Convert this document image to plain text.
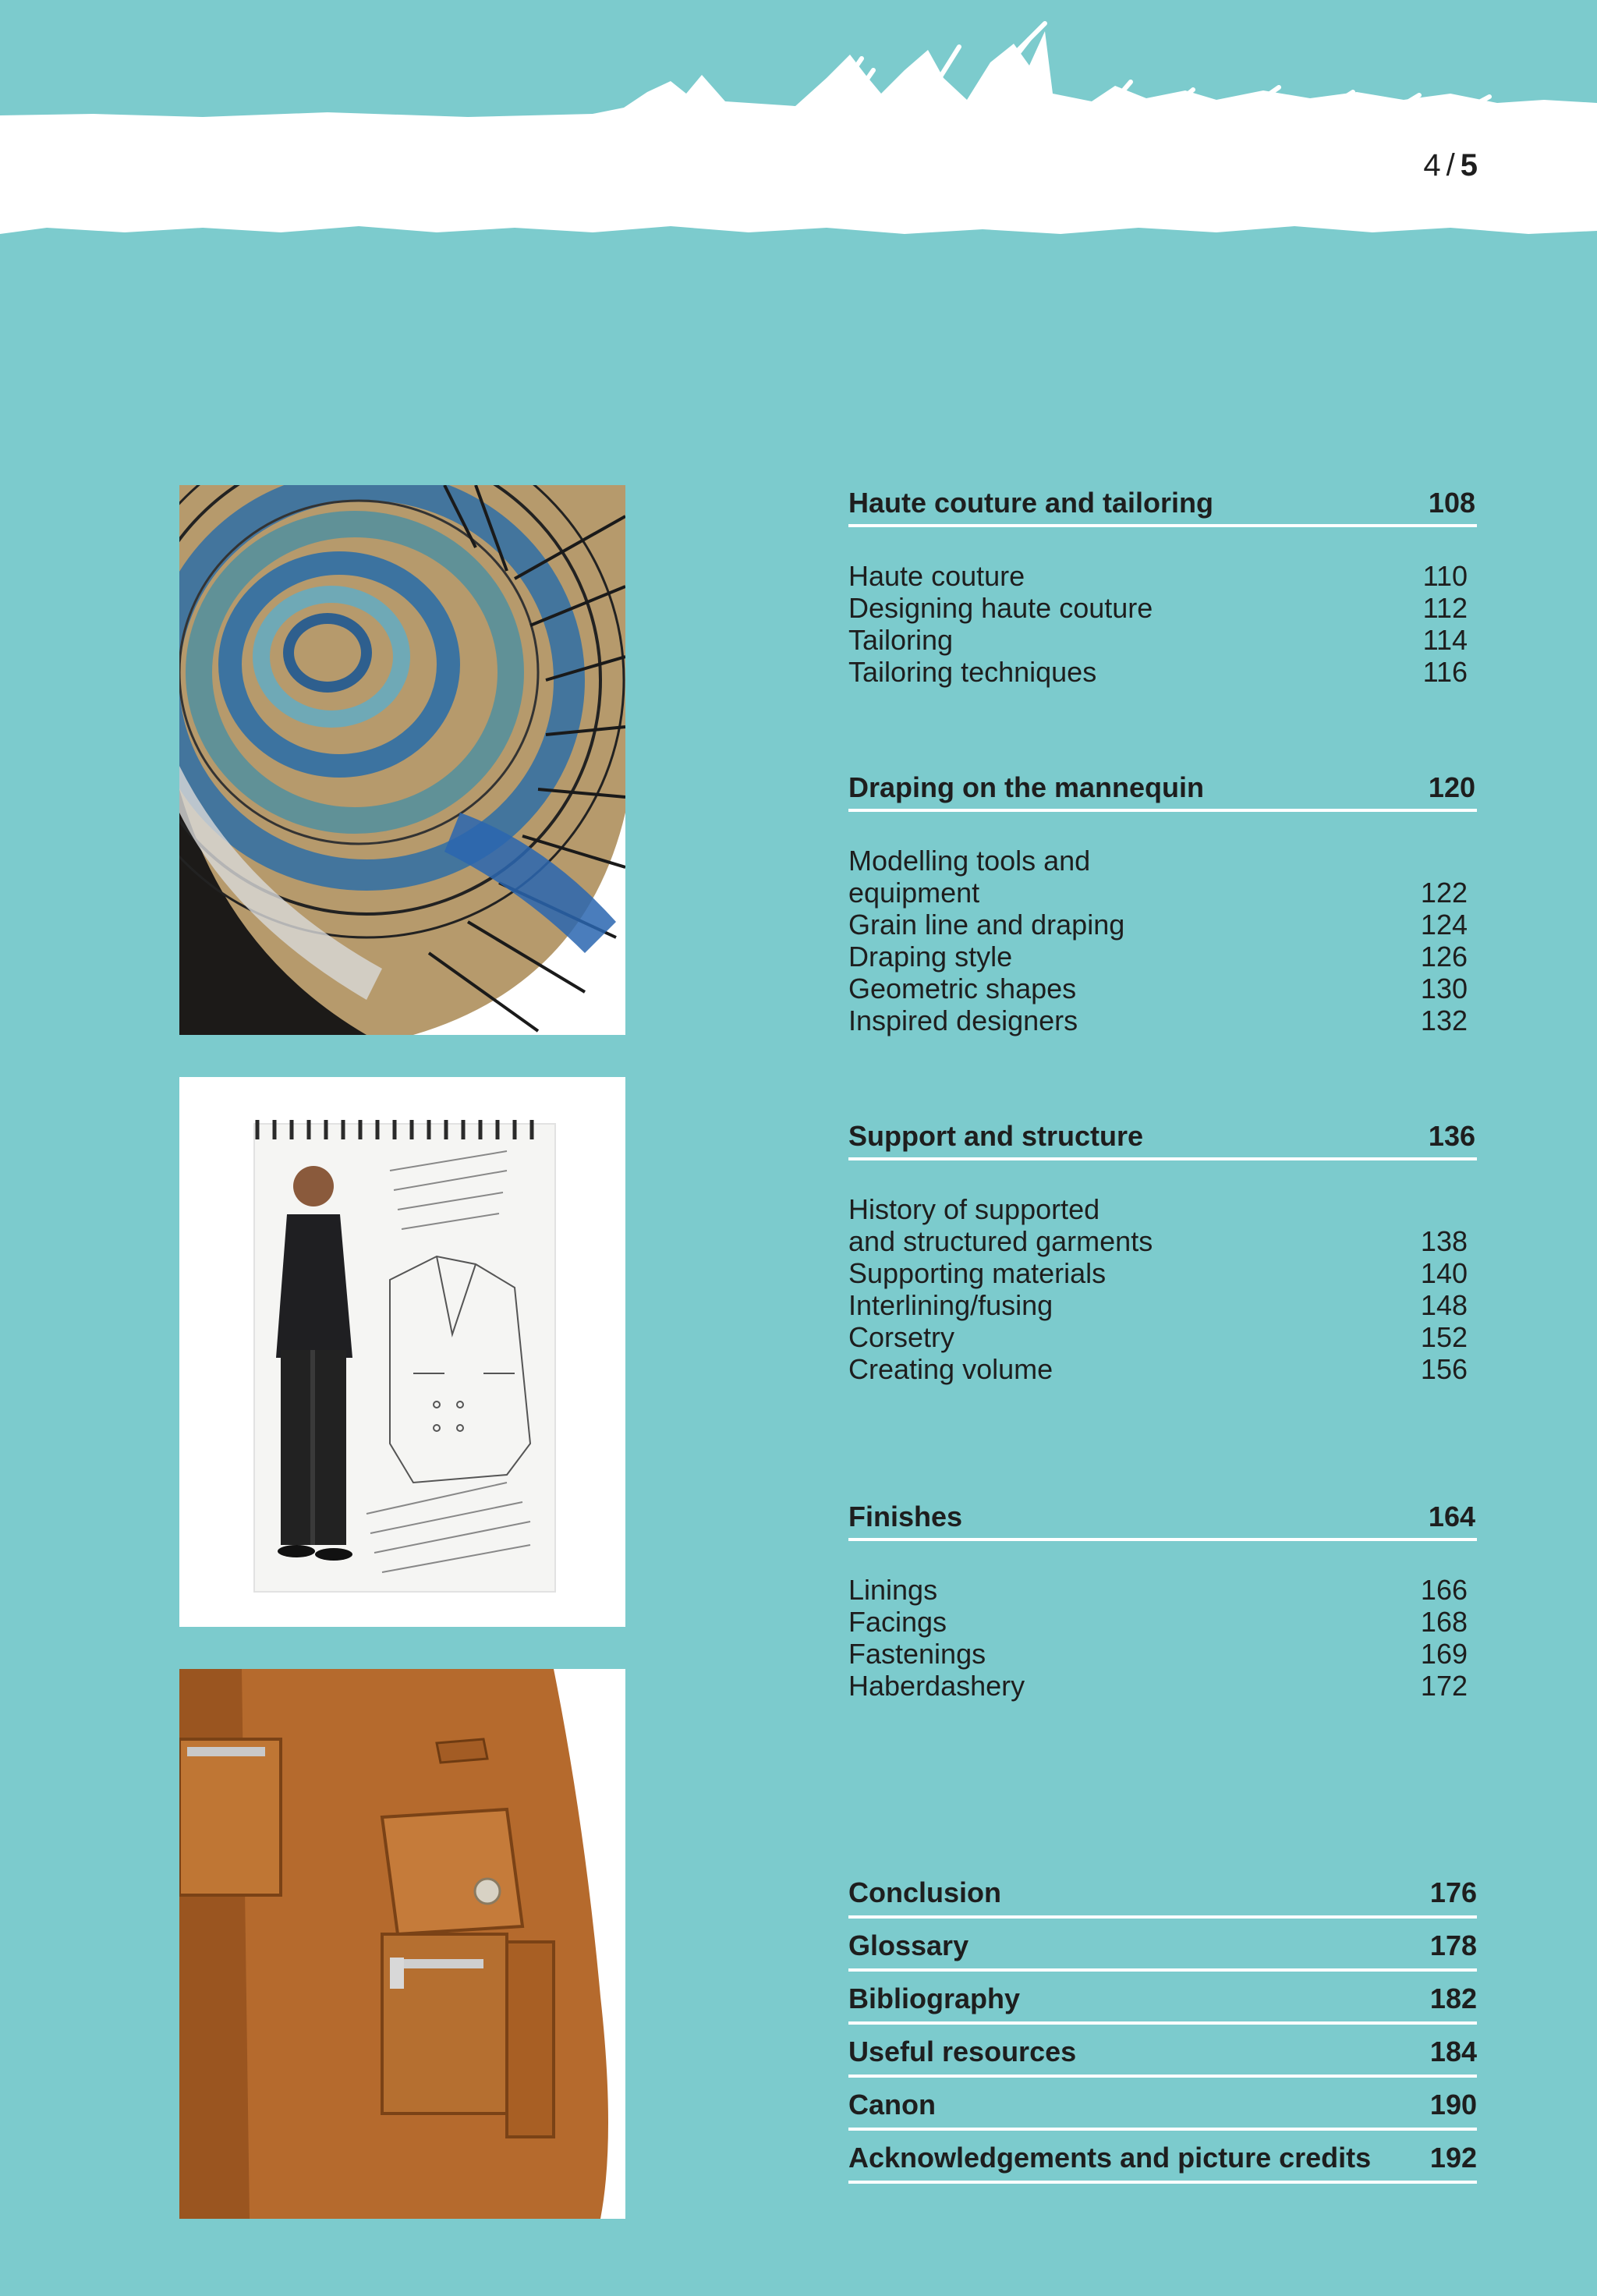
4 / 5
Haute couture and tailoring	108
Haute couture	110
Designing haute couture	112
Tailoring	114
Tailoring techniques	116
Draping on the mannequin	120
Modelling tools and
equipment	122
Grain line and draping	124
Draping style	126
Geometric shapes	130
Inspired designers	132
Support and structure	136
History of supported
and structured garments	138
Supporting materials	140
Interlining/fusing	148
Corsetry	152
Creating volume	156
Finishes	164
Linings	166
Facings	168
Fastenings	169
Haberdashery	172
Conclusion	176
Glossary	178
Bibliography	182
Useful resources	184
Canon	190
Acknowledgements and picture credits 192
